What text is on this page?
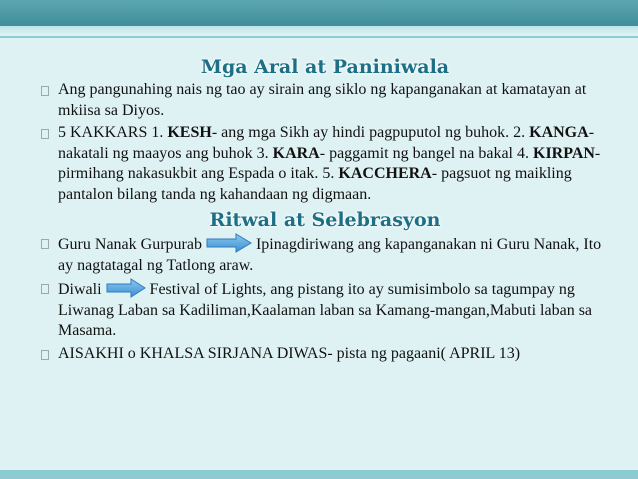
Mga Aral at Paniniwala
Ang pangunahing nais ng tao ay sirain ang siklo ng kapanganakan at kamatayan at mkiisa sa Diyos.
5 KAKKARS 1. KESH- ang mga Sikh ay hindi pagpuputol ng buhok. 2. KANGA- nakatali ng maayos ang buhok 3. KARA- paggamit ng bangel na bakal 4. KIRPAN- pirmihang nakasukbit ang Espada o itak. 5. KACCHERA- pagsuot ng maikling pantalon bilang tanda ng kahandaan ng digmaan.
Ritwal at Selebrasyon
Guru Nanak Gurpurab	Ipinagdiriwang ang kapanganakan ni Guru Nanak, Ito ay nagtatagal ng Tatlong araw.
Diwali	Festival of Lights, ang pistang ito ay sumisimbolo sa tagumpay ng Liwanag Laban sa Kadiliman,Kaalaman laban sa Kamang-mangan,Mabuti laban sa Masama.
AISAKHI o KHALSA SIRJANA DIWAS- pista ng pagaani( APRIL 13)
